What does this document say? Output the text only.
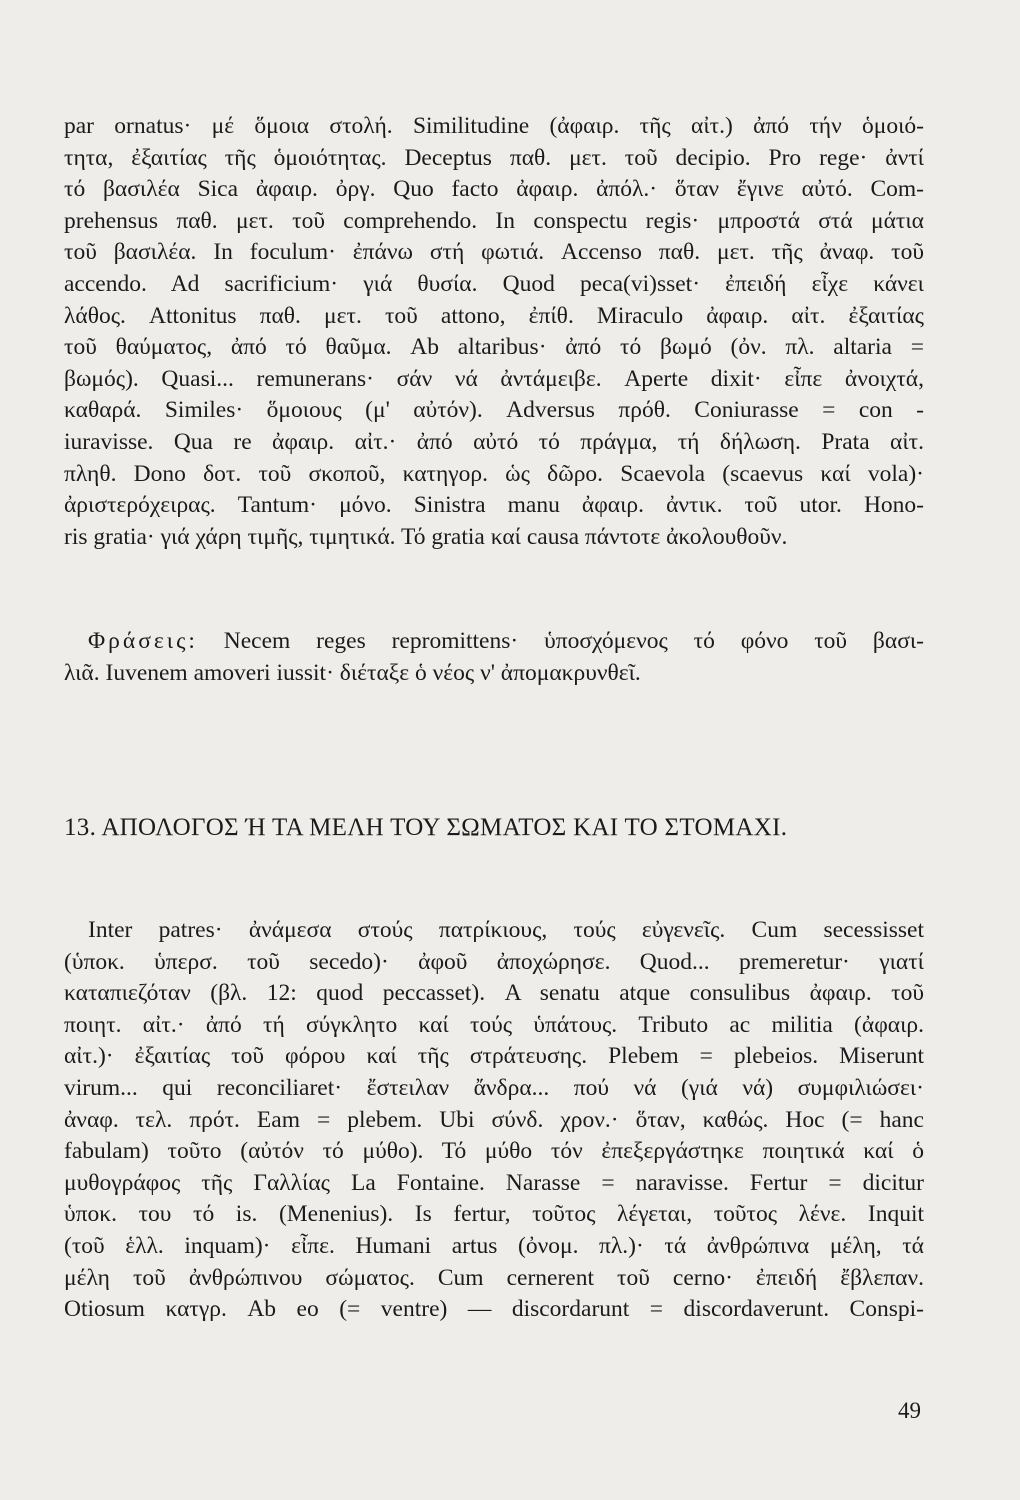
par ornatus· μέ ὅμοια στολή. Similitudine (ἀφαιρ. τῆς αἰτ.) ἀπό τήν ὁμοιό-
τητα, ἐξαιτίας τῆς ὁμοιότητας. Deceptus παθ. μετ. τοῦ decipio. Pro rege· ἀντί
τό βασιλέα Sica ἀφαιρ. ὀργ. Quo facto ἀφαιρ. ἀπόλ.· ὅταν ἔγινε αὐτό. Com-
prehensus παθ. μετ. τοῦ comprehendo. In conspectu regis· μπροστά στά μάτια
τοῦ βασιλέα. In foculum· ἐπάνω στή φωτιά. Accenso παθ. μετ. τῆς ἀναφ. τοῦ
accendo. Ad sacrificium· γιά θυσία. Quod peca(vi)sset· ἐπειδή εἶχε κάνει
λάθος. Attonitus παθ. μετ. τοῦ attono, ἐπίθ. Miraculo ἀφαιρ. αἰτ. ἐξαιτίας
τοῦ θαύματος, ἀπό τό θαῦμα. Ab altaribus· ἀπό τό βωμό (ὀν. πλ. altaria =
βωμός). Quasi... remunerans· σάν νά ἀντάμειβε. Aperte dixit· εἶπε ἀνοιχτά,
καθαρά. Similes· ὅμοιους (μ' αὐτόν). Adversus πρόθ. Coniurasse = con -
iuravisse. Qua re ἀφαιρ. αἰτ.· ἀπό αὐτό τό πράγμα, τή δήλωση. Prata αἰτ.
πληθ. Dono δοτ. τοῦ σκοποῦ, κατηγορ. ὡς δῶρο. Scaevola (scaevus καί vola)·
ἀριστερόχειρας. Tantum· μόνο. Sinistra manu ἀφαιρ. ἀντικ. τοῦ utor. Hono-
ris gratia· γιά χάρη τιμῆς, τιμητικά. Τό gratia καί causa πάντοτε ἀκολουθοῦν.
Φράσεις: Necem reges repromittens· ὑποσχόμενος τό φόνο τοῦ βασι-
λιᾶ. Iuvenem amoveri iussit· διέταξε ὁ νέος ν' ἀπομακρυνθεῖ.
13. ΑΠΟΛΟΓΟΣ Ή ΤΑ ΜΕΛΗ ΤΟΥ ΣΩΜΑΤΟΣ ΚΑΙ ΤΟ ΣΤΟΜΑΧΙ.
Inter patres· ἀνάμεσα στούς πατρίκιους, τούς εὐγενεῖς. Cum secessisset
(ὑποκ. ὑπερσ. τοῦ secedo)· ἀφοῦ ἀποχώρησε. Quod... premeretur· γιατί
καταπιεζόταν (βλ. 12: quod peccasset). A senatu atque consulibus ἀφαιρ. τοῦ
ποιητ. αἰτ.· ἀπό τή σύγκλητο καί τούς ὑπάτους. Tributo ac militia (ἀφαιρ.
αἰτ.)· ἐξαιτίας τοῦ φόρου καί τῆς στράτευσης. Plebem = plebeios. Miserunt
virum... qui reconciliaret· ἔστειλαν ἄνδρα... πού νά (γιά νά) συμφιλιώσει·
ἀναφ. τελ. πρότ. Eam = plebem. Ubi σύνδ. χρον.· ὅταν, καθώς. Hoc (= hanc
fabulam) τοῦτο (αὐτόν τό μύθο). Τό μύθο τόν ἐπεξεργάστηκε ποιητικά καί ὁ
μυθογράφος τῆς Γαλλίας La Fontaine. Narasse = naravisse. Fertur = dicitur
ὑποκ. του τό is. (Menenius). Is fertur, τοῦτος λέγεται, τοῦτος λένε. Inquit
(τοῦ ἑλλ. inquam)· εἶπε. Humani artus (ὀνομ. πλ.)· τά ἀνθρώπινα μέλη, τά
μέλη τοῦ ἀνθρώπινου σώματος. Cum cernerent τοῦ cerno· ἐπειδή ἔβλεπαν.
Otiosum κατγρ. Ab eo (= ventre) — discordarunt = discordaverunt. Conspi-
49
